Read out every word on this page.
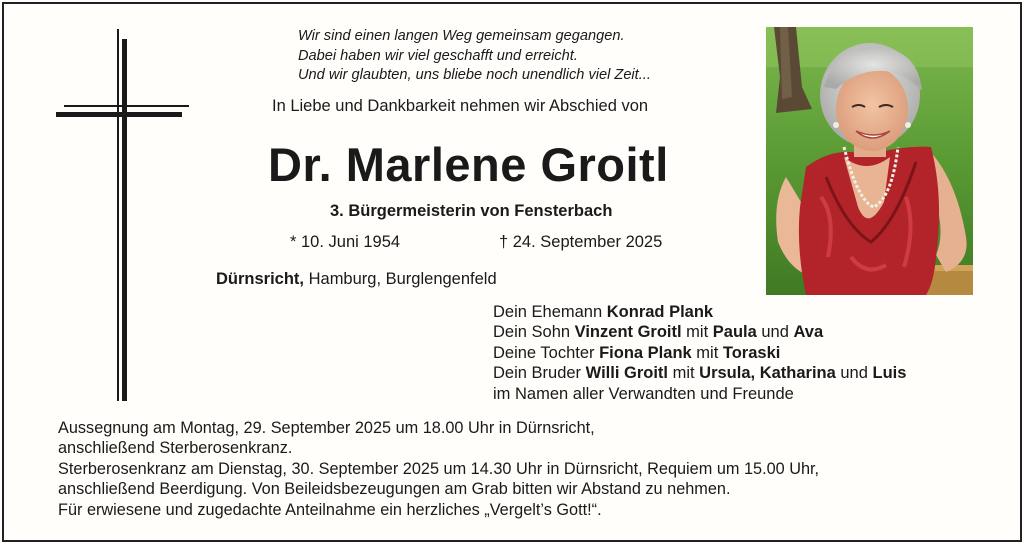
Wir sind einen langen Weg gemeinsam gegangen.
Dabei haben wir viel geschafft und erreicht.
Und wir glaubten, uns bliebe noch unendlich viel Zeit...
In Liebe und Dankbarkeit nehmen wir Abschied von
Dr. Marlene Groitl
3. Bürgermeisterin von Fensterbach
* 10. Juni 1954	† 24. September 2025
Dürnsricht, Hamburg, Burglengenfeld
Dein Ehemann Konrad Plank
Dein Sohn Vinzent Groitl mit Paula und Ava
Deine Tochter Fiona Plank mit Toraski
Dein Bruder Willi Groitl mit Ursula, Katharina und Luis
im Namen aller Verwandten und Freunde
Aussegnung am Montag, 29. September 2025 um 18.00 Uhr in Dürnsricht,
anschließend Sterberosenkranz.
Sterberosenkranz am Dienstag, 30. September 2025 um 14.30 Uhr in Dürnsricht, Requiem um 15.00 Uhr,
anschließend Beerdigung. Von Beileidsbezeugungen am Grab bitten wir Abstand zu nehmen.
Für erwiesene und zugedachte Anteilnahme ein herzliches „Vergelt’s Gott!“.
